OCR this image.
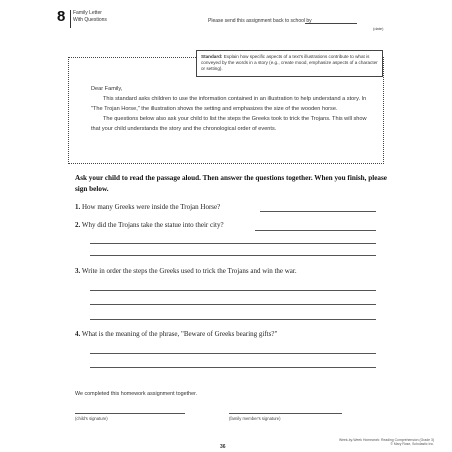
8 Family Letter
With Questions	Please send this assignment back to school by
(date)
Standard: Explain how specific aspects of a text's illustrations contribute to what is conveyed by the words in a story (e.g., create mood, emphasize aspects of a character or setting).

Dear Family,

This standard asks children to use the information contained in an illustration to help understand a story. In "The Trojan Horse," the illustration shows the setting and emphasizes the size of the wooden horse.

The questions below also ask your child to list the steps the Greeks took to trick the Trojans. This will show that your child understands the story and the chronological order of events.

Ask your child to read the passage aloud. Then answer the questions together. When you finish, please sign below.
1. How many Greeks were inside the Trojan Horse?
2. Why did the Trojans take the statue into their city?
3. Write in order the steps the Greeks used to trick the Trojans and win the war.
4. What is the meaning of the phrase, "Beware of Greeks bearing gifts?"
We completed this homework assignment together.
(child's signature)	(family member's signature)
36
Week-by-Week Homework: Reading Comprehension (Grade 3)
© Mary Rose, Scholastic Inc.
